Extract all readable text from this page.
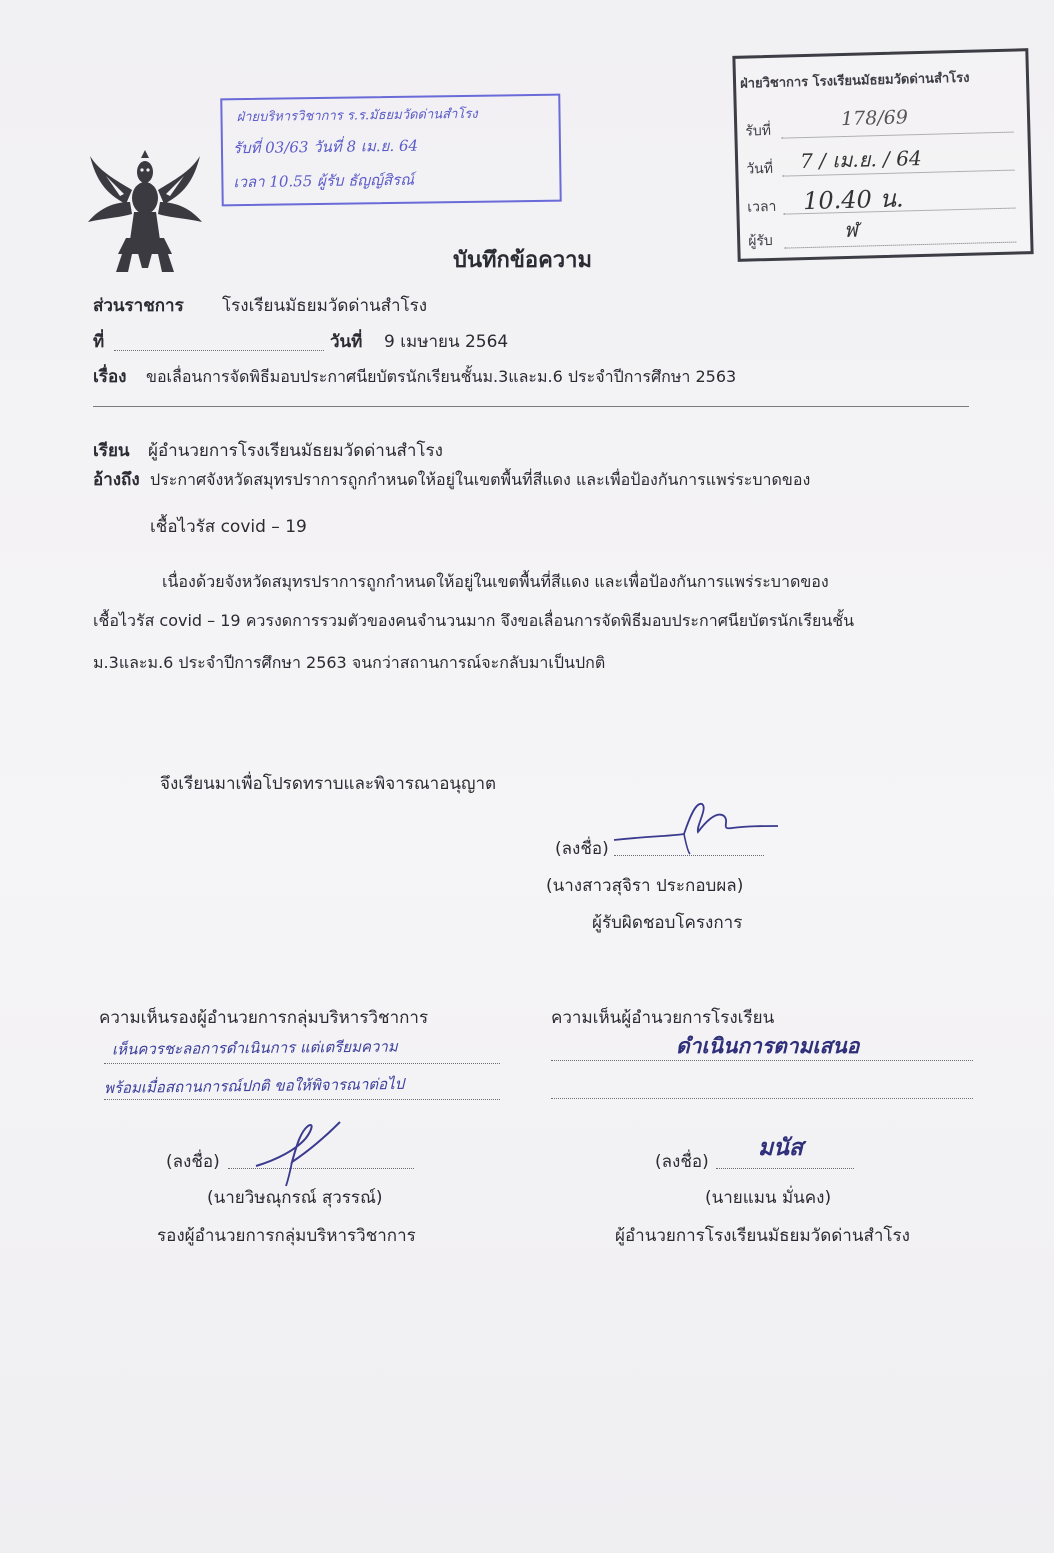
ฝ่ายบริหารวิชาการ ร.ร.มัธยมวัดด่านสำโรง
รับที่ 03/63 วันที่ 8 เม.ย. 64
เวลา 10.55 ผู้รับ ธัญญ์สิรณ์
ฝ่ายวิชาการ โรงเรียนมัธยมวัดด่านสำโรง
รับที่
178/69
วันที่ 7 / เม.ย. / 64
เวลา 10.40 น.
ผู้รับ	ฬ
บันทึกข้อความ
ส่วนราชการ โรงเรียนมัธยมวัดด่านสำโรง
ที่	วันที่ 9 เมษายน 2564
เรื่อง ขอเลื่อนการจัดพิธีมอบประกาศนียบัตรนักเรียนชั้นม.3และม.6 ประจำปีการศึกษา 2563
เรียน ผู้อำนวยการโรงเรียนมัธยมวัดด่านสำโรง
อ้างถึง ประกาศจังหวัดสมุทรปราการถูกกำหนดให้อยู่ในเขตพื้นที่สีแดง และเพื่อป้องกันการแพร่ระบาดของ
เชื้อไวรัส covid – 19
เนื่องด้วยจังหวัดสมุทรปราการถูกกำหนดให้อยู่ในเขตพื้นที่สีแดง และเพื่อป้องกันการแพร่ระบาดของ
เชื้อไวรัส covid – 19 ควรงดการรวมตัวของคนจำนวนมาก จึงขอเลื่อนการจัดพิธีมอบประกาศนียบัตรนักเรียนชั้น
ม.3และม.6 ประจำปีการศึกษา 2563 จนกว่าสถานการณ์จะกลับมาเป็นปกติ
จึงเรียนมาเพื่อโปรดทราบและพิจารณาอนุญาต
(ลงชื่อ)
(นางสาวสุจิรา ประกอบผล)
ผู้รับผิดชอบโครงการ
ความเห็นรองผู้อำนวยการกลุ่มบริหารวิชาการ
เห็นควรชะลอการดำเนินการ แต่เตรียมความ
พร้อมเมื่อสถานการณ์ปกติ ขอให้พิจารณาต่อไป
(ลงชื่อ)
(นายวิษณุกรณ์ สุวรรณ์)
รองผู้อำนวยการกลุ่มบริหารวิชาการ
ความเห็นผู้อำนวยการโรงเรียน
ดำเนินการตามเสนอ
(ลงชื่อ)
มนัส
(นายแมน มั่นคง)
ผู้อำนวยการโรงเรียนมัธยมวัดด่านสำโรง
